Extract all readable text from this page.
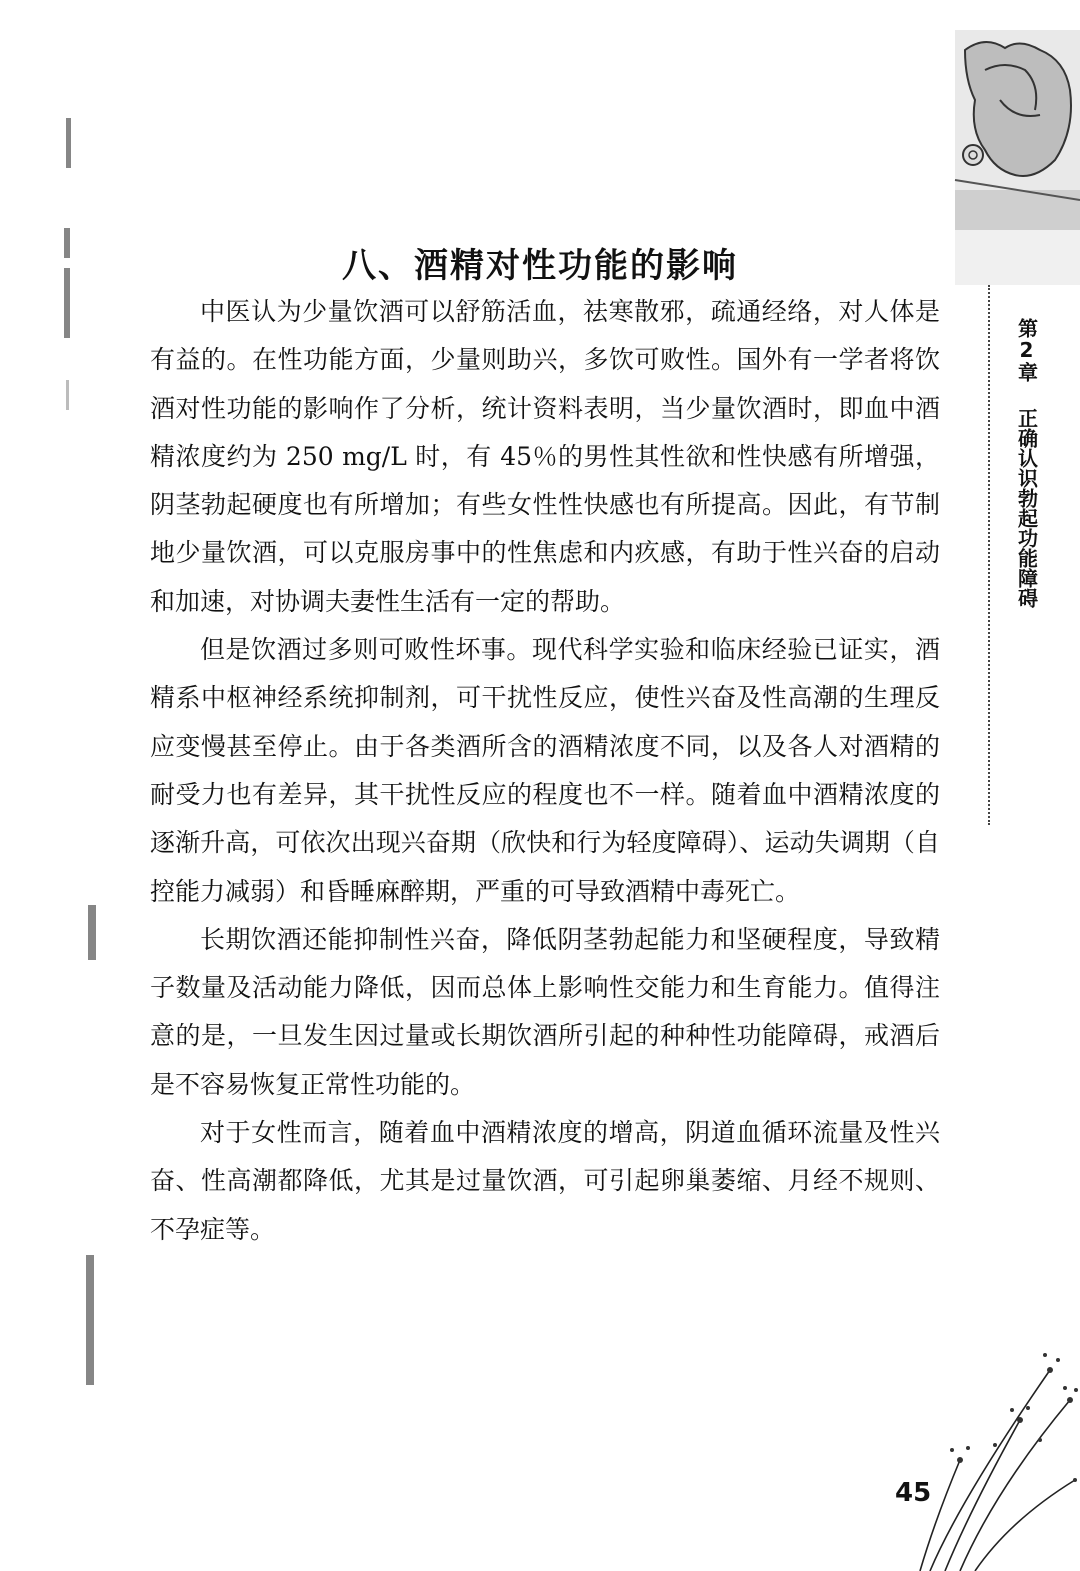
八、酒精对性功能的影响

中医认为少量饮酒可以舒筋活血，祛寒散邪，疏通经络，对人体是有益的。在性功能方面，少量则助兴，多饮可败性。国外有一学者将饮酒对性功能的影响作了分析，统计资料表明，当少量饮酒时，即血中酒精浓度约为 250 mg/L 时，有 45％的男性其性欲和性快感有所增强，阴茎勃起硬度也有所增加；有些女性性快感也有所提高。因此，有节制地少量饮酒，可以克服房事中的性焦虑和内疚感，有助于性兴奋的启动和加速，对协调夫妻性生活有一定的帮助。

但是饮酒过多则可败性坏事。现代科学实验和临床经验已证实，酒精系中枢神经系统抑制剂，可干扰性反应，使性兴奋及性高潮的生理反应变慢甚至停止。由于各类酒所含的酒精浓度不同，以及各人对酒精的耐受力也有差异，其干扰性反应的程度也不一样。随着血中酒精浓度的逐渐升高，可依次出现兴奋期（欣快和行为轻度障碍）、运动失调期（自控能力减弱）和昏睡麻醉期，严重的可导致酒精中毒死亡。

长期饮酒还能抑制性兴奋，降低阴茎勃起能力和坚硬程度，导致精子数量及活动能力降低，因而总体上影响性交能力和生育能力。值得注意的是，一旦发生因过量或长期饮酒所引起的种种性功能障碍，戒酒后是不容易恢复正常性功能的。

对于女性而言，随着血中酒精浓度的增高，阴道血循环流量及性兴奋、性高潮都降低，尤其是过量饮酒，可引起卵巢萎缩、月经不规则、不孕症等。

第2章
正确认识勃起功能障碍
45
